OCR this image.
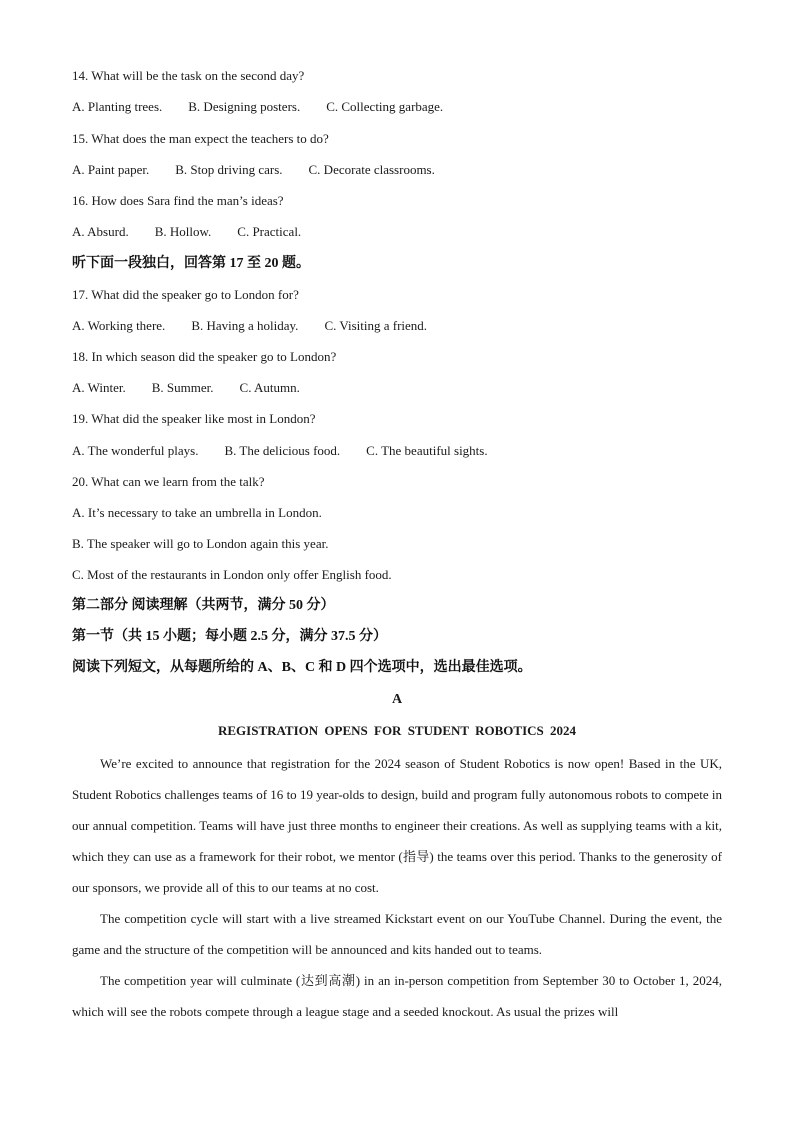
14. What will be the task on the second day?
A. Planting trees. B. Designing posters. C. Collecting garbage.
15. What does the man expect the teachers to do?
A. Paint paper. B. Stop driving cars. C. Decorate classrooms.
16. How does Sara find the man’s ideas?
A. Absurd. B. Hollow. C. Practical.
听下面一段独白，回答第 17 至 20 题。
17. What did the speaker go to London for?
A. Working there. B. Having a holiday. C. Visiting a friend.
18. In which season did the speaker go to London?
A. Winter. B. Summer. C. Autumn.
19. What did the speaker like most in London?
A. The wonderful plays. B. The delicious food. C. The beautiful sights.
20. What can we learn from the talk?
A. It’s necessary to take an umbrella in London.
B. The speaker will go to London again this year.
C. Most of the restaurants in London only offer English food.
第二部分 阅读理解（共两节，满分 50 分）
第一节（共 15 小题；每小题 2.5 分，满分 37.5 分）
阅读下列短文，从每题所给的 A、B、C 和 D 四个选项中，选出最佳选项。
A
REGISTRATION OPENS FOR STUDENT ROBOTICS 2024
We’re excited to announce that registration for the 2024 season of Student Robotics is now open! Based in the UK, Student Robotics challenges teams of 16 to 19 year-olds to design, build and program fully autonomous robots to compete in our annual competition. Teams will have just three months to engineer their creations. As well as supplying teams with a kit, which they can use as a framework for their robot, we mentor (指导) the teams over this period. Thanks to the generosity of our sponsors, we provide all of this to our teams at no cost.
The competition cycle will start with a live streamed Kickstart event on our YouTube Channel. During the event, the game and the structure of the competition will be announced and kits handed out to teams.
The competition year will culminate (达到高潮) in an in-person competition from September 30 to October 1, 2024, which will see the robots compete through a league stage and a seeded knockout. As usual the prizes will
